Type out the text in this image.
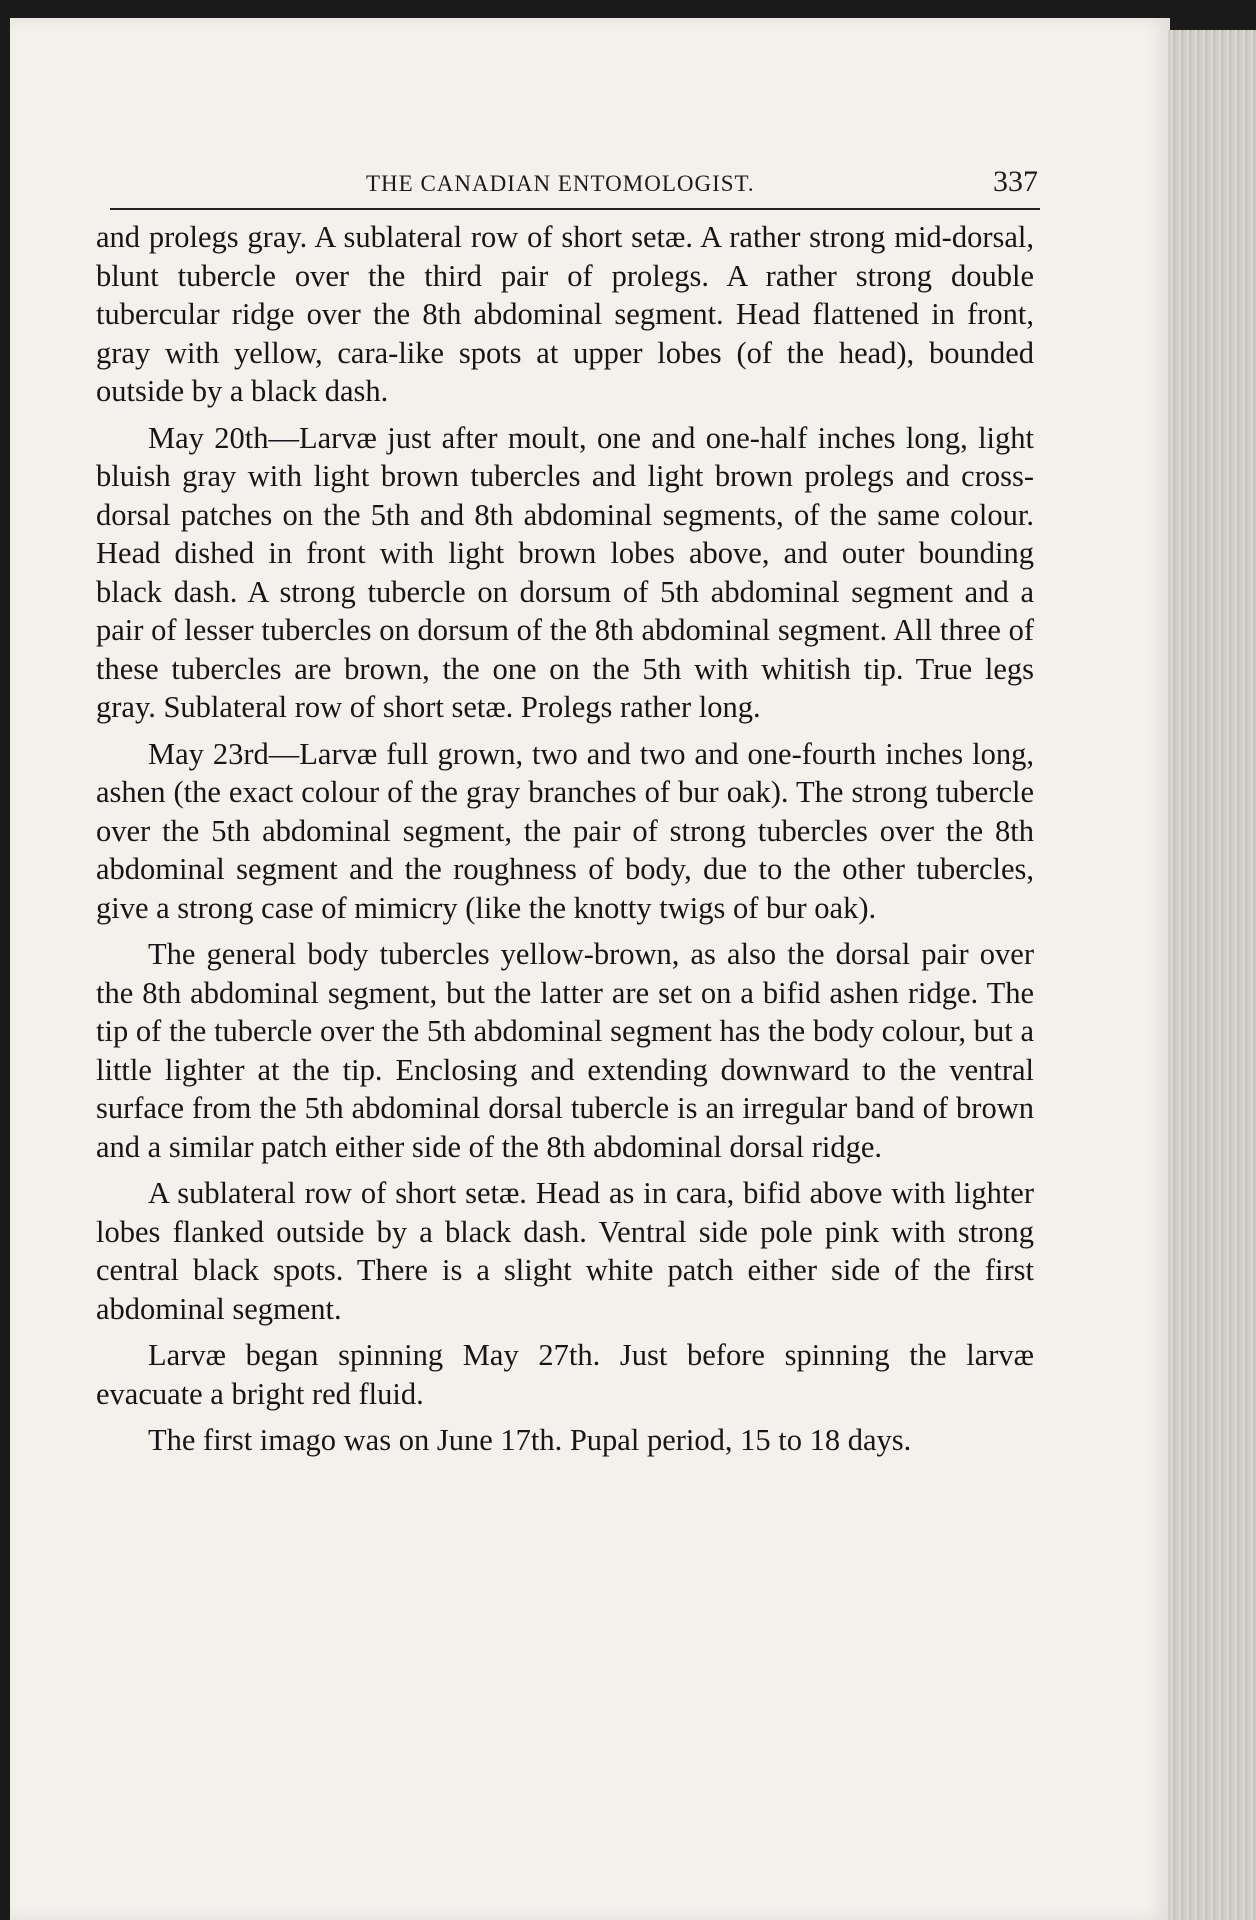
THE CANADIAN ENTOMOLOGIST.	337

and prolegs gray. A sublateral row of short setæ. A rather strong mid-dorsal, blunt tubercle over the third pair of prolegs. A rather strong double tubercular ridge over the 8th abdominal segment. Head flattened in front, gray with yellow, cara-like spots at upper lobes (of the head), bounded outside by a black dash.

May 20th—Larvæ just after moult, one and one-half inches long, light bluish gray with light brown tubercles and light brown prolegs and cross-dorsal patches on the 5th and 8th abdominal segments, of the same colour. Head dished in front with light brown lobes above, and outer bounding black dash. A strong tubercle on dorsum of 5th abdominal segment and a pair of lesser tubercles on dorsum of the 8th abdominal segment. All three of these tubercles are brown, the one on the 5th with whitish tip. True legs gray. Sublateral row of short setæ. Prolegs rather long.

May 23rd—Larvæ full grown, two and two and one-fourth inches long, ashen (the exact colour of the gray branches of bur oak). The strong tubercle over the 5th abdominal segment, the pair of strong tubercles over the 8th abdominal segment and the roughness of body, due to the other tubercles, give a strong case of mimicry (like the knotty twigs of bur oak).

The general body tubercles yellow-brown, as also the dorsal pair over the 8th abdominal segment, but the latter are set on a bifid ashen ridge. The tip of the tubercle over the 5th abdominal segment has the body colour, but a little lighter at the tip. Enclosing and extending downward to the ventral surface from the 5th abdominal dorsal tubercle is an irregular band of brown and a similar patch either side of the 8th abdominal dorsal ridge.

A sublateral row of short setæ. Head as in cara, bifid above with lighter lobes flanked outside by a black dash. Ventral side pole pink with strong central black spots. There is a slight white patch either side of the first abdominal segment.

Larvæ began spinning May 27th. Just before spinning the larvæ evacuate a bright red fluid.

The first imago was on June 17th. Pupal period, 15 to 18 days.
